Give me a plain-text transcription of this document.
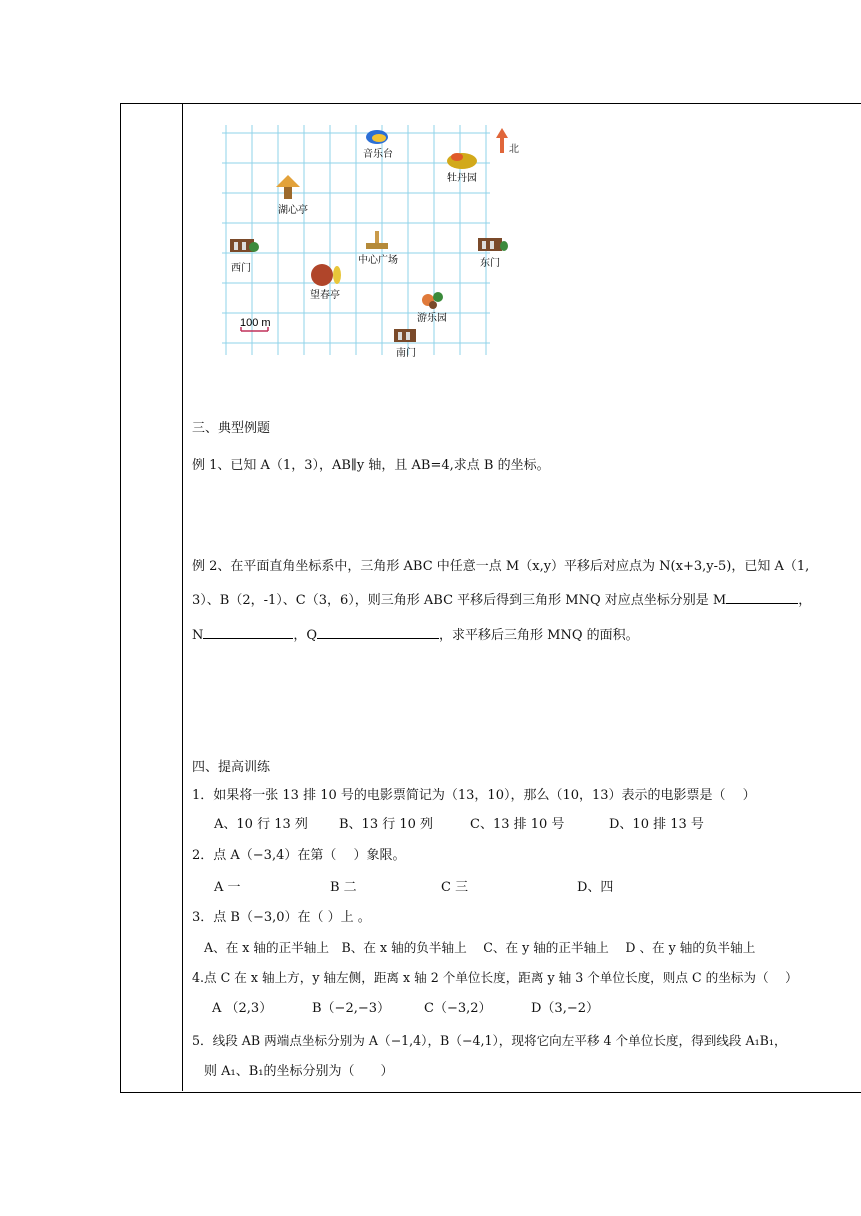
北
音乐台
牡丹园
湖心亭
西门
中心广场	东门
望春亭
游乐园
南门
100 m
三、典型例题
例 1、已知 A（1，3），AB∥y 轴，且 AB=4,求点 B 的坐标。
例 2、在平面直角坐标系中，三角形 ABC 中任意一点 M（x,y）平移后对应点为 N(x+3,y-5)，已知 A（1,
3）、B（2，-1）、C（3，6），则三角形 ABC 平移后得到三角形 MNQ 对应点坐标分别是 M	，
N	，Q	，求平移后三角形 MNQ 的面积。
四、提高训练
1．如果将一张 13 排 10 号的电影票简记为（13，10），那么（10，13）表示的电影票是（　 ）
A、10 行 13 列 B、13 行 10 列	C、13 排 10 号	D、10 排 13 号
2．点 A（−3,4）在第（　 ）象限。
A 一	B 二	C 三	D、四
3．点 B（−3,0）在（ ）上 。
A、在 x 轴的正半轴上　B、在 x 轴的负半轴上　 C、在 y 轴的正半轴上　 D 、在 y 轴的负半轴上
4.点 C 在 x 轴上方，y 轴左侧，距离 x 轴 2 个单位长度，距离 y 轴 3 个单位长度，则点 C 的坐标为（　 ）
A （2,3）	B（−2,−3）	C（−3,2）	D（3,−2）
5．线段 AB 两端点坐标分别为 A（−1,4），B（−4,1），现将它向左平移 4 个单位长度，得到线段 A₁B₁，
则 A₁、B₁的坐标分别为（　　）
